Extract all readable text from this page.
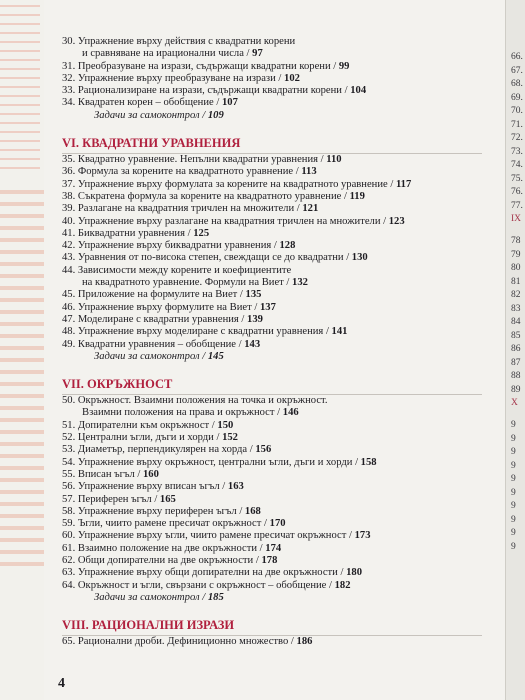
30. Упражнение върху действия с квадратни корени
и сравняване на ирационални числа / 97
31. Преобразуване на изрази, съдържащи квадратни корени / 99
32. Упражнение върху преобразуване на изрази / 102
33. Рационализиране на изрази, съдържащи квадратни корени / 104
34. Квадратен корен – обобщение / 107
Задачи за самоконтрол / 109
VI. КВАДРАТНИ УРАВНЕНИЯ
35. Квадратно уравнение. Непълни квадратни уравнения / 110
36. Формула за корените на квадратното уравнение / 113
37. Упражнение върху формулата за корените на квадратното уравнение / 117
38. Съкратена формула за корените на квадратното уравнение / 119
39. Разлагане на квадратния тричлен на множители / 121
40. Упражнение върху разлагане на квадратния тричлен на множители / 123
41. Биквадратни уравнения / 125
42. Упражнение върху биквадратни уравнения / 128
43. Уравнения от по-висока степен, свеждащи се до квадратни / 130
44. Зависимости между корените и коефициентите
на квадратното уравнение. Формули на Виет / 132
45. Приложение на формулите на Виет / 135
46. Упражнение върху формулите на Виет / 137
47. Моделиране с квадратни уравнения / 139
48. Упражнение върху моделиране с квадратни уравнения / 141
49. Квадратни уравнения – обобщение / 143
Задачи за самоконтрол / 145
VII. ОКРЪЖНОСТ
50. Окръжност. Взаимни положения на точка и окръжност.
Взаимни положения на права и окръжност / 146
51. Допирателни към окръжност / 150
52. Централни ъгли, дъги и хорди / 152
53. Диаметър, перпендикулярен на хорда / 156
54. Упражнение върху окръжност, централни ъгли, дъги и хорди / 158
55. Вписан ъгъл / 160
56. Упражнение върху вписан ъгъл / 163
57. Периферен ъгъл / 165
58. Упражнение върху периферен ъгъл / 168
59. Ъгли, чиито рамене пресичат окръжност / 170
60. Упражнение върху ъгли, чиито рамене пресичат окръжност / 173
61. Взаимно положение на две окръжности / 174
62. Общи допирателни на две окръжности / 178
63. Упражнение върху общи допирателни на две окръжности / 180
64. Окръжност и ъгли, свързани с окръжност – обобщение / 182
Задачи за самоконтрол / 185
VIII. РАЦИОНАЛНИ ИЗРАЗИ
65. Рационални дроби. Дефиниционно множество / 186
4
66.
67.
68.
69.
70.
71.
72.
73.
74.
75.
76.
77.
IX
78
79
80
81
82
83
84
85
86
87
88
89
X
9
9
9
9
9
9
9
9
9
9
